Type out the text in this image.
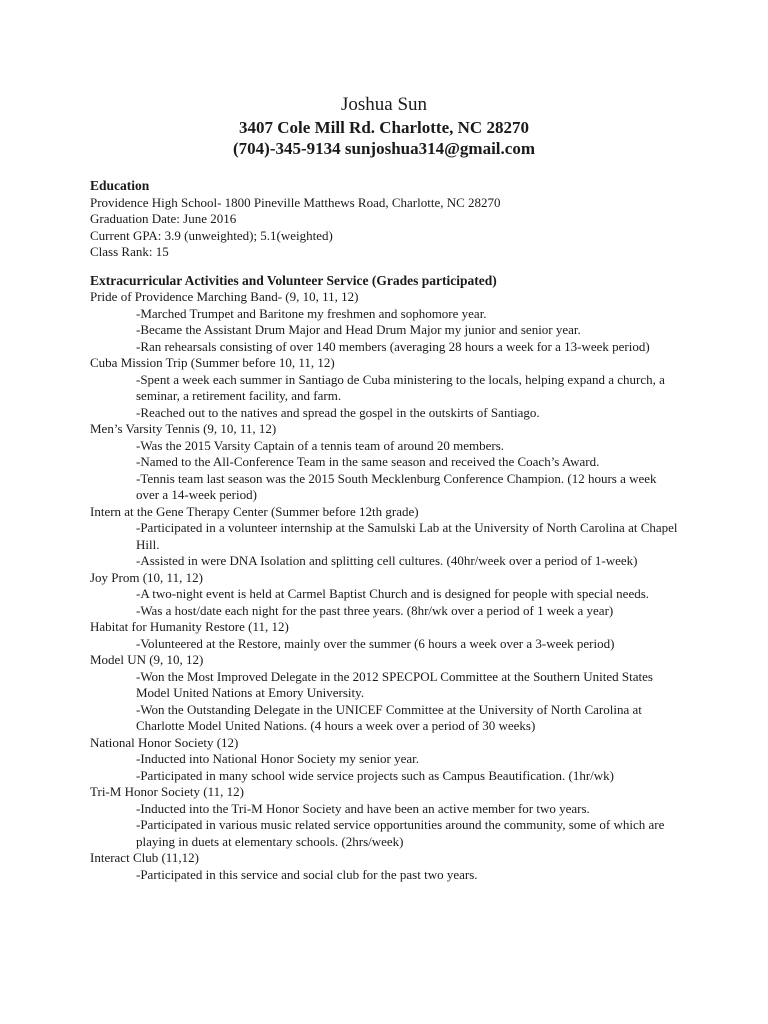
Joshua Sun
3407 Cole Mill Rd. Charlotte, NC 28270
(704)-345-9134 sunjoshua314@gmail.com
Education
Providence High School- 1800 Pineville Matthews Road, Charlotte, NC 28270
Graduation Date: June 2016
Current GPA: 3.9 (unweighted); 5.1(weighted)
Class Rank: 15
Extracurricular Activities and Volunteer Service (Grades participated)
Pride of Providence Marching Band- (9, 10, 11, 12)
-Marched Trumpet and Baritone my freshmen and sophomore year.
-Became the Assistant Drum Major and Head Drum Major my junior and senior year.
-Ran rehearsals consisting of over 140 members (averaging 28 hours a week for a 13-week period)
Cuba Mission Trip (Summer before 10, 11, 12)
-Spent a week each summer in Santiago de Cuba ministering to the locals, helping expand a church, a seminar, a retirement facility, and farm.
-Reached out to the natives and spread the gospel in the outskirts of Santiago.
Men’s Varsity Tennis (9, 10, 11, 12)
-Was the 2015 Varsity Captain of a tennis team of around 20 members.
-Named to the All-Conference Team in the same season and received the Coach’s Award.
-Tennis team last season was the 2015 South Mecklenburg Conference Champion. (12 hours a week over a 14-week period)
Intern at the Gene Therapy Center (Summer before 12th grade)
-Participated in a volunteer internship at the Samulski Lab at the University of North Carolina at Chapel Hill.
-Assisted in were DNA Isolation and splitting cell cultures. (40hr/week over a period of 1-week)
Joy Prom (10, 11, 12)
-A two-night event is held at Carmel Baptist Church and is designed for people with special needs.
-Was a host/date each night for the past three years. (8hr/wk over a period of 1 week a year)
Habitat for Humanity Restore (11, 12)
-Volunteered at the Restore, mainly over the summer (6 hours a week over a 3-week period)
Model UN (9, 10, 12)
-Won the Most Improved Delegate in the 2012 SPECPOL Committee at the Southern United States Model United Nations at Emory University.
-Won the Outstanding Delegate in the UNICEF Committee at the University of North Carolina at Charlotte Model United Nations. (4 hours a week over a period of 30 weeks)
National Honor Society (12)
-Inducted into National Honor Society my senior year.
-Participated in many school wide service projects such as Campus Beautification. (1hr/wk)
Tri-M Honor Society (11, 12)
-Inducted into the Tri-M Honor Society and have been an active member for two years.
-Participated in various music related service opportunities around the community, some of which are playing in duets at elementary schools. (2hrs/week)
Interact Club (11,12)
-Participated in this service and social club for the past two years.
